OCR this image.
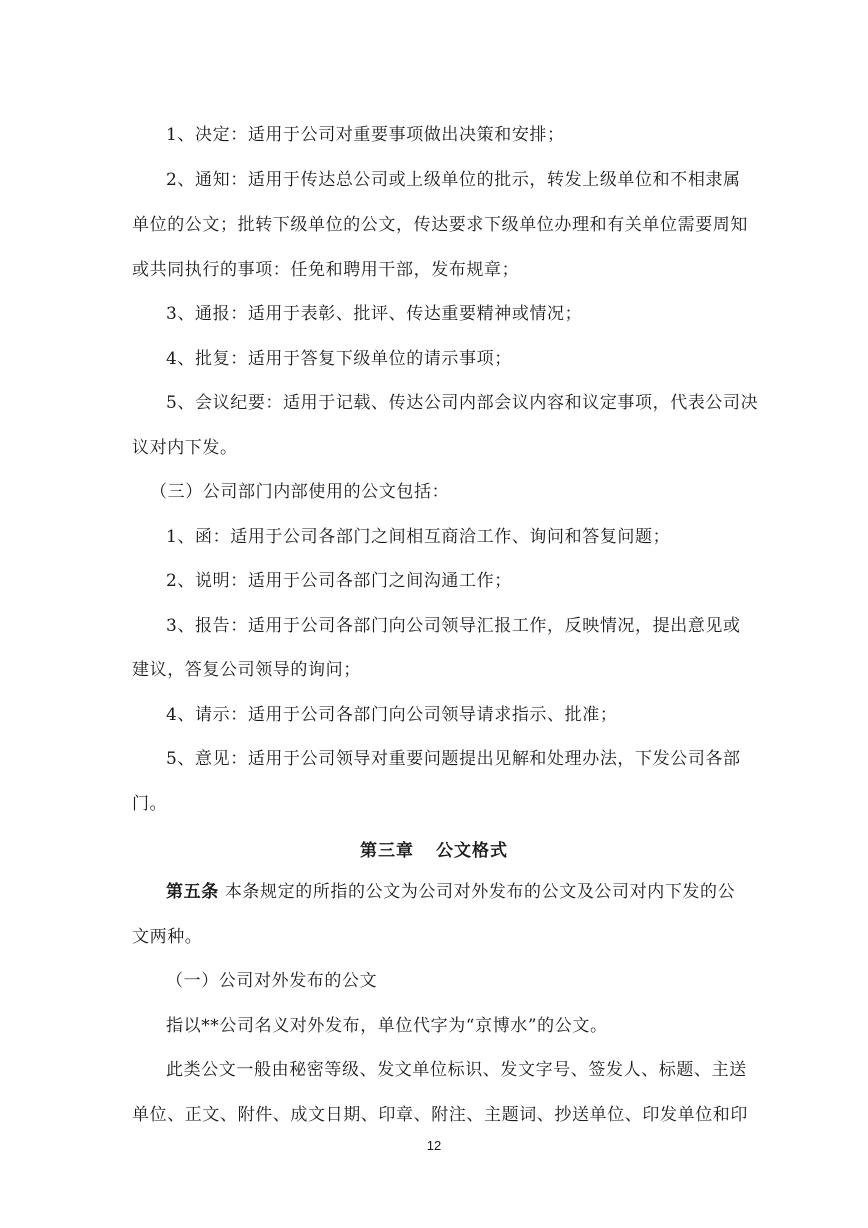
1、决定：适用于公司对重要事项做出决策和安排；
2、通知：适用于传达总公司或上级单位的批示，转发上级单位和不相隶属
单位的公文；批转下级单位的公文，传达要求下级单位办理和有关单位需要周知
或共同执行的事项：任免和聘用干部，发布规章；
3、通报：适用于表彰、批评、传达重要精神或情况；
4、批复：适用于答复下级单位的请示事项；
5、会议纪要：适用于记载、传达公司内部会议内容和议定事项，代表公司决
议对内下发。
（三）公司部门内部使用的公文包括：
1、函：适用于公司各部门之间相互商洽工作、询问和答复问题；
2、说明：适用于公司各部门之间沟通工作；
3、报告：适用于公司各部门向公司领导汇报工作，反映情况，提出意见或
建议，答复公司领导的询问；
4、请示：适用于公司各部门向公司领导请求指示、批准；
5、意见：适用于公司领导对重要问题提出见解和处理办法，下发公司各部
门。
第三章 公文格式
第五条 本条规定的所指的公文为公司对外发布的公文及公司对内下发的公
文两种。
（一）公司对外发布的公文
指以**公司名义对外发布，单位代字为“京博水”的公文。
此类公文一般由秘密等级、发文单位标识、发文字号、签发人、标题、主送
单位、正文、附件、成文日期、印章、附注、主题词、抄送单位、印发单位和印
12
